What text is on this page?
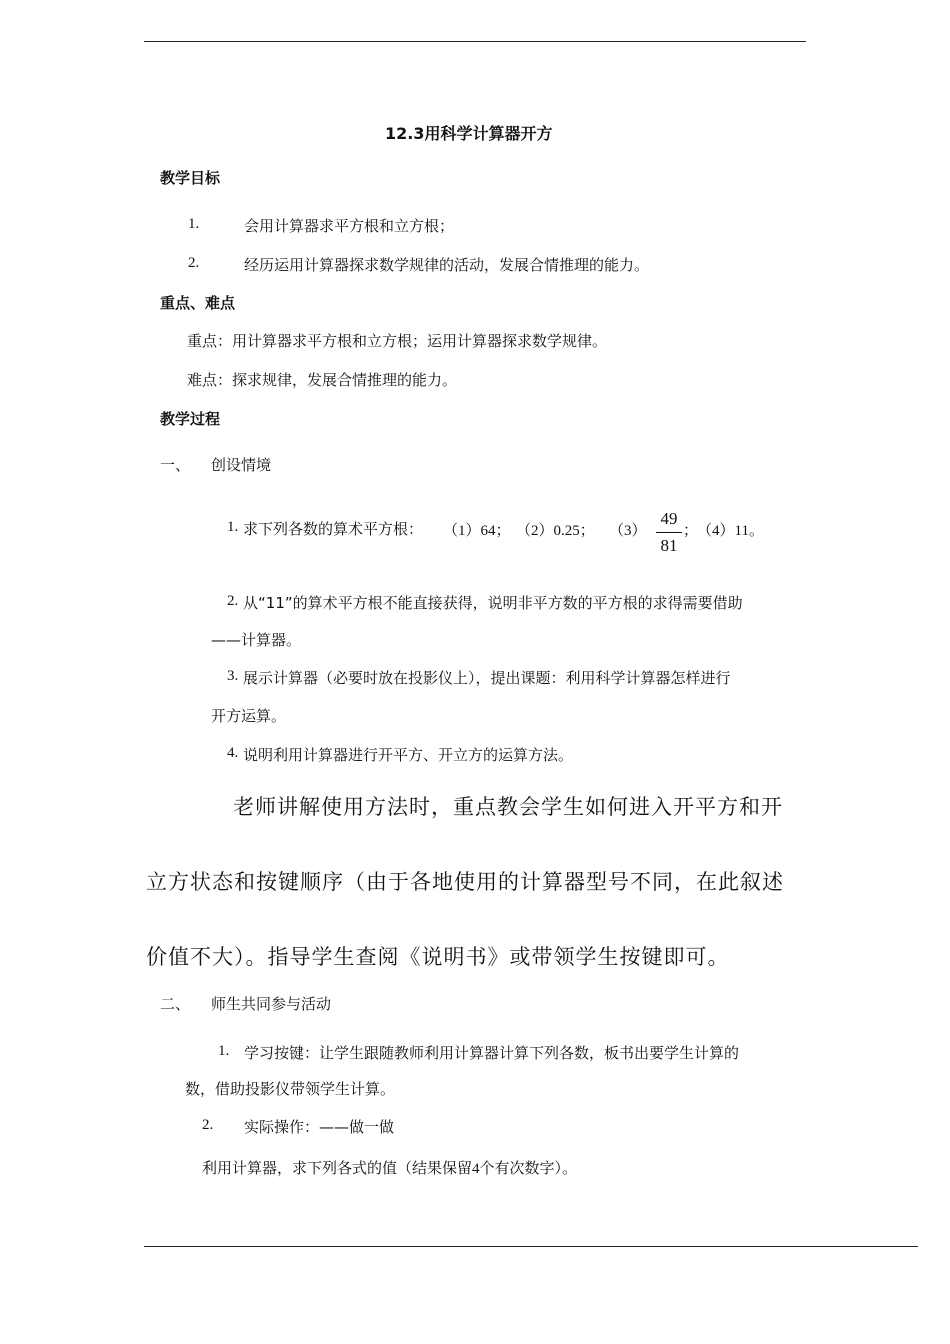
12.3用科学计算器开方
教学目标
1.	会用计算器求平方根和立方根；
2.	经历运用计算器探求数学规律的活动，发展合情推理的能力。
重点、难点
重点：用计算器求平方根和立方根；运用计算器探求数学规律。
难点：探求规律，发展合情推理的能力。
教学过程
一、 创设情境
1. 求下列各数的算术平方根： （1）64； （2）0.25； （3）
49
81
；
（4）11。
2. 从“11”的算术平方根不能直接获得，说明非平方数的平方根的求得需要借助
——计算器。
3. 展示计算器（必要时放在投影仪上），提出课题：利用科学计算器怎样进行
开方运算。
4. 说明利用计算器进行开平方、开立方的运算方法。
老师讲解使用方法时，重点教会学生如何进入开平方和开
立方状态和按键顺序（由于各地使用的计算器型号不同，在此叙述
价值不大）。指导学生查阅《说明书》或带领学生按键即可。
二、 师生共同参与活动
1. 学习按键：让学生跟随教师利用计算器计算下列各数，板书出要学生计算的
数，借助投影仪带领学生计算。
2. 实际操作：——做一做
利用计算器，求下列各式的值（结果保留4个有次数字）。
